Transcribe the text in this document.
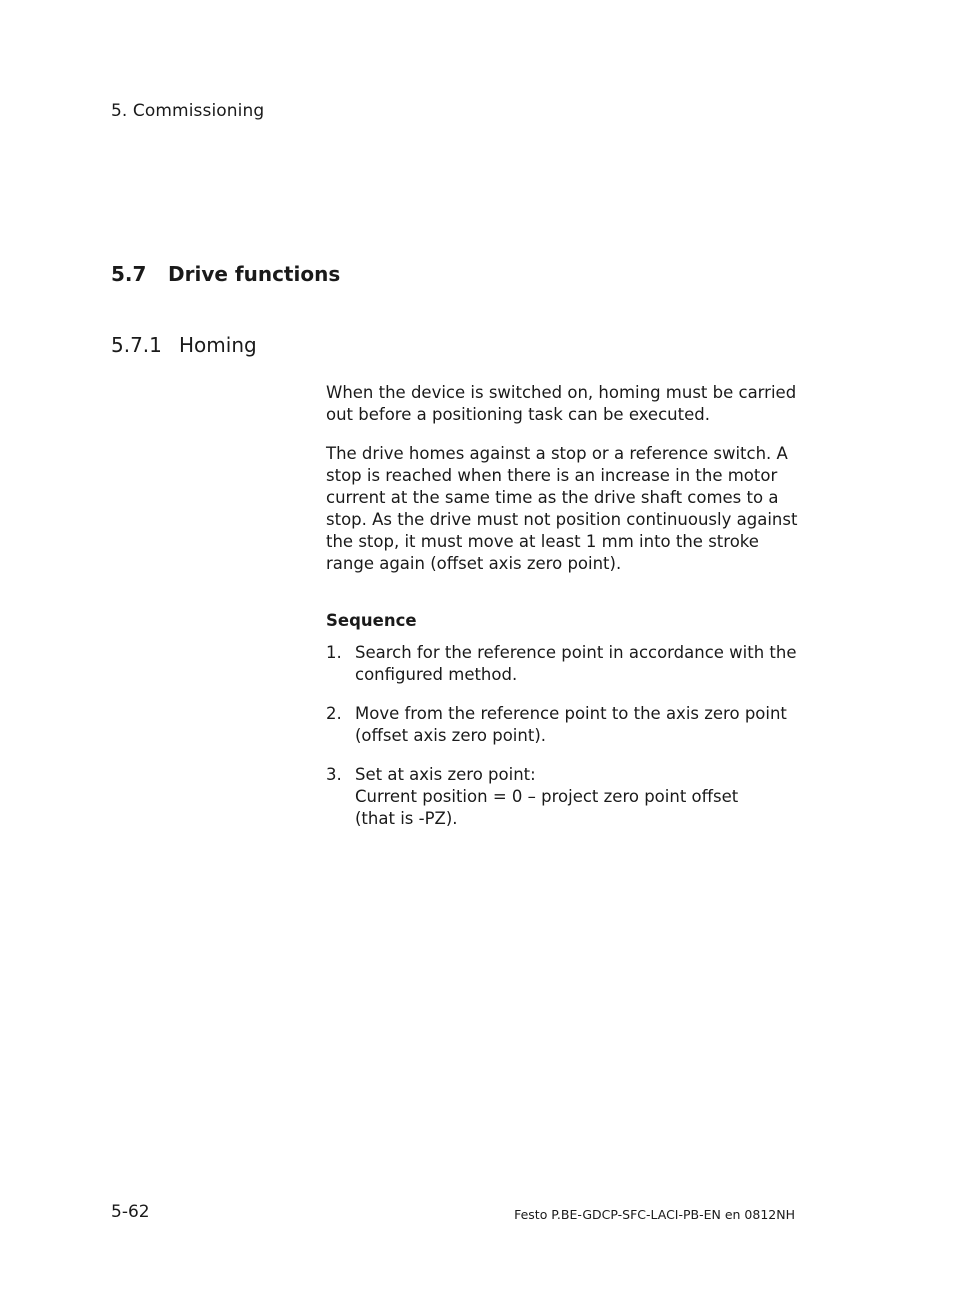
5. Commissioning
5.7	Drive functions
5.7.1 Homing

When the device is switched on, homing must be carried out before a positioning task can be executed.

The drive homes against a stop or a reference switch. A stop is reached when there is an increase in the motor current at the same time as the drive shaft comes to a stop. As the drive must not position continuously against the stop, it must move at least 1 mm into the stroke range again (offset axis zero point).

Sequence
1. Search for the reference point in accordance with the configured method.
2. Move from the reference point to the axis zero point (offset axis zero point).
3. Set at axis zero point:
Current position = 0 – project zero point offset
(that is -PZ).
5-62	Festo P.BE-GDCP-SFC-LACI-PB-EN en 0812NH
